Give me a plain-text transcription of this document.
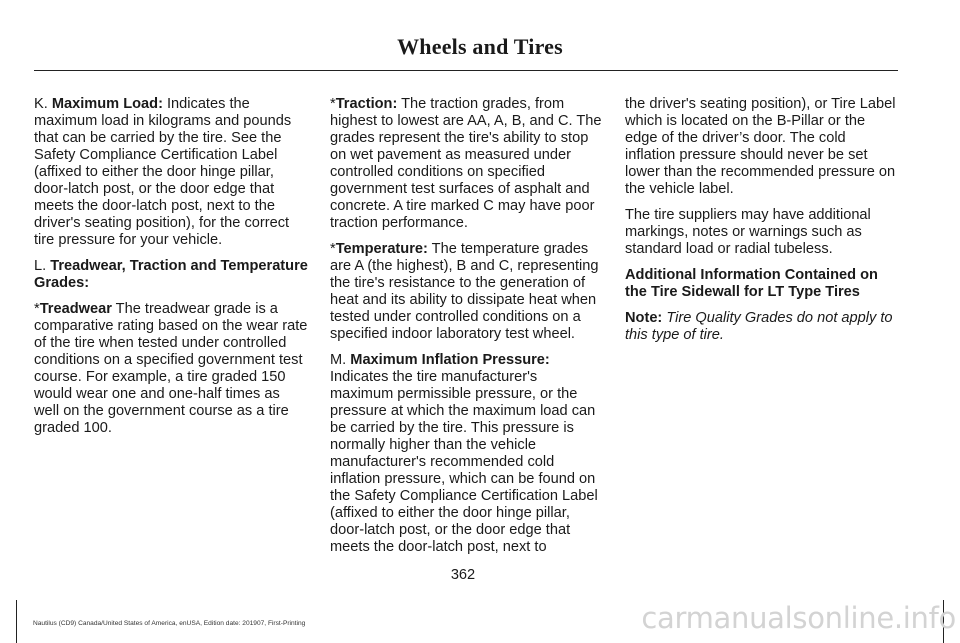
Wheels and Tires

K. Maximum Load: Indicates the maximum load in kilograms and pounds that can be carried by the tire. See the Safety Compliance Certification Label (affixed to either the door hinge pillar, door-latch post, or the door edge that meets the door-latch post, next to the driver's seating position), for the correct tire pressure for your vehicle.

L. Treadwear, Traction and Temperature Grades:

*Treadwear The treadwear grade is a comparative rating based on the wear rate of the tire when tested under controlled conditions on a specified government test course. For example, a tire graded 150 would wear one and one-half times as well on the government course as a tire graded 100.

*Traction: The traction grades, from highest to lowest are AA, A, B, and C. The grades represent the tire's ability to stop on wet pavement as measured under controlled conditions on specified government test surfaces of asphalt and concrete. A tire marked C may have poor traction performance.

*Temperature: The temperature grades are A (the highest), B and C, representing the tire's resistance to the generation of heat and its ability to dissipate heat when tested under controlled conditions on a specified indoor laboratory test wheel.

M. Maximum Inflation Pressure: Indicates the tire manufacturer's maximum permissible pressure, or the pressure at which the maximum load can be carried by the tire. This pressure is normally higher than the vehicle manufacturer's recommended cold inflation pressure, which can be found on the Safety Compliance Certification Label (affixed to either the door hinge pillar, door-latch post, or the door edge that meets the door-latch post, next to

the driver's seating position), or Tire Label which is located on the B-Pillar or the edge of the driver’s door. The cold inflation pressure should never be set lower than the recommended pressure on the vehicle label.

The tire suppliers may have additional markings, notes or warnings such as standard load or radial tubeless.

Additional Information Contained on the Tire Sidewall for LT Type Tires

Note: Tire Quality Grades do not apply to this type of tire.

362
Nautilus (CD9) Canada/United States of America, enUSA, Edition date: 201907, First-Printing	carmanualsonline.info
